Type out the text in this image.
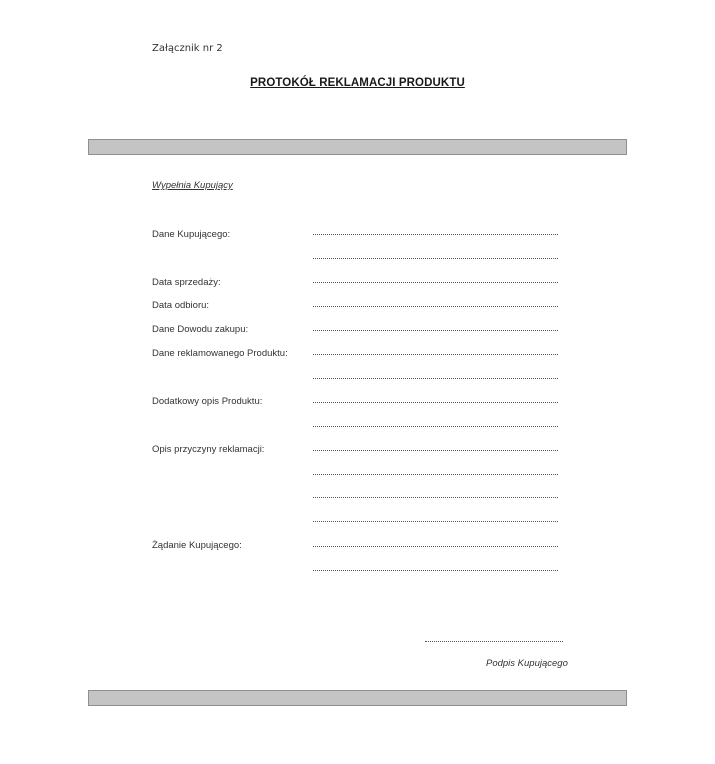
Załącznik nr 2
PROTOKÓŁ REKLAMACJI PRODUKTU
Wypełnia Kupujący
Dane Kupującego:
Data sprzedaży:
Data odbioru:
Dane Dowodu zakupu:
Dane reklamowanego Produktu:
Dodatkowy opis Produktu:
Opis przyczyny reklamacji:
Żądanie Kupującego:
Podpis Kupującego
